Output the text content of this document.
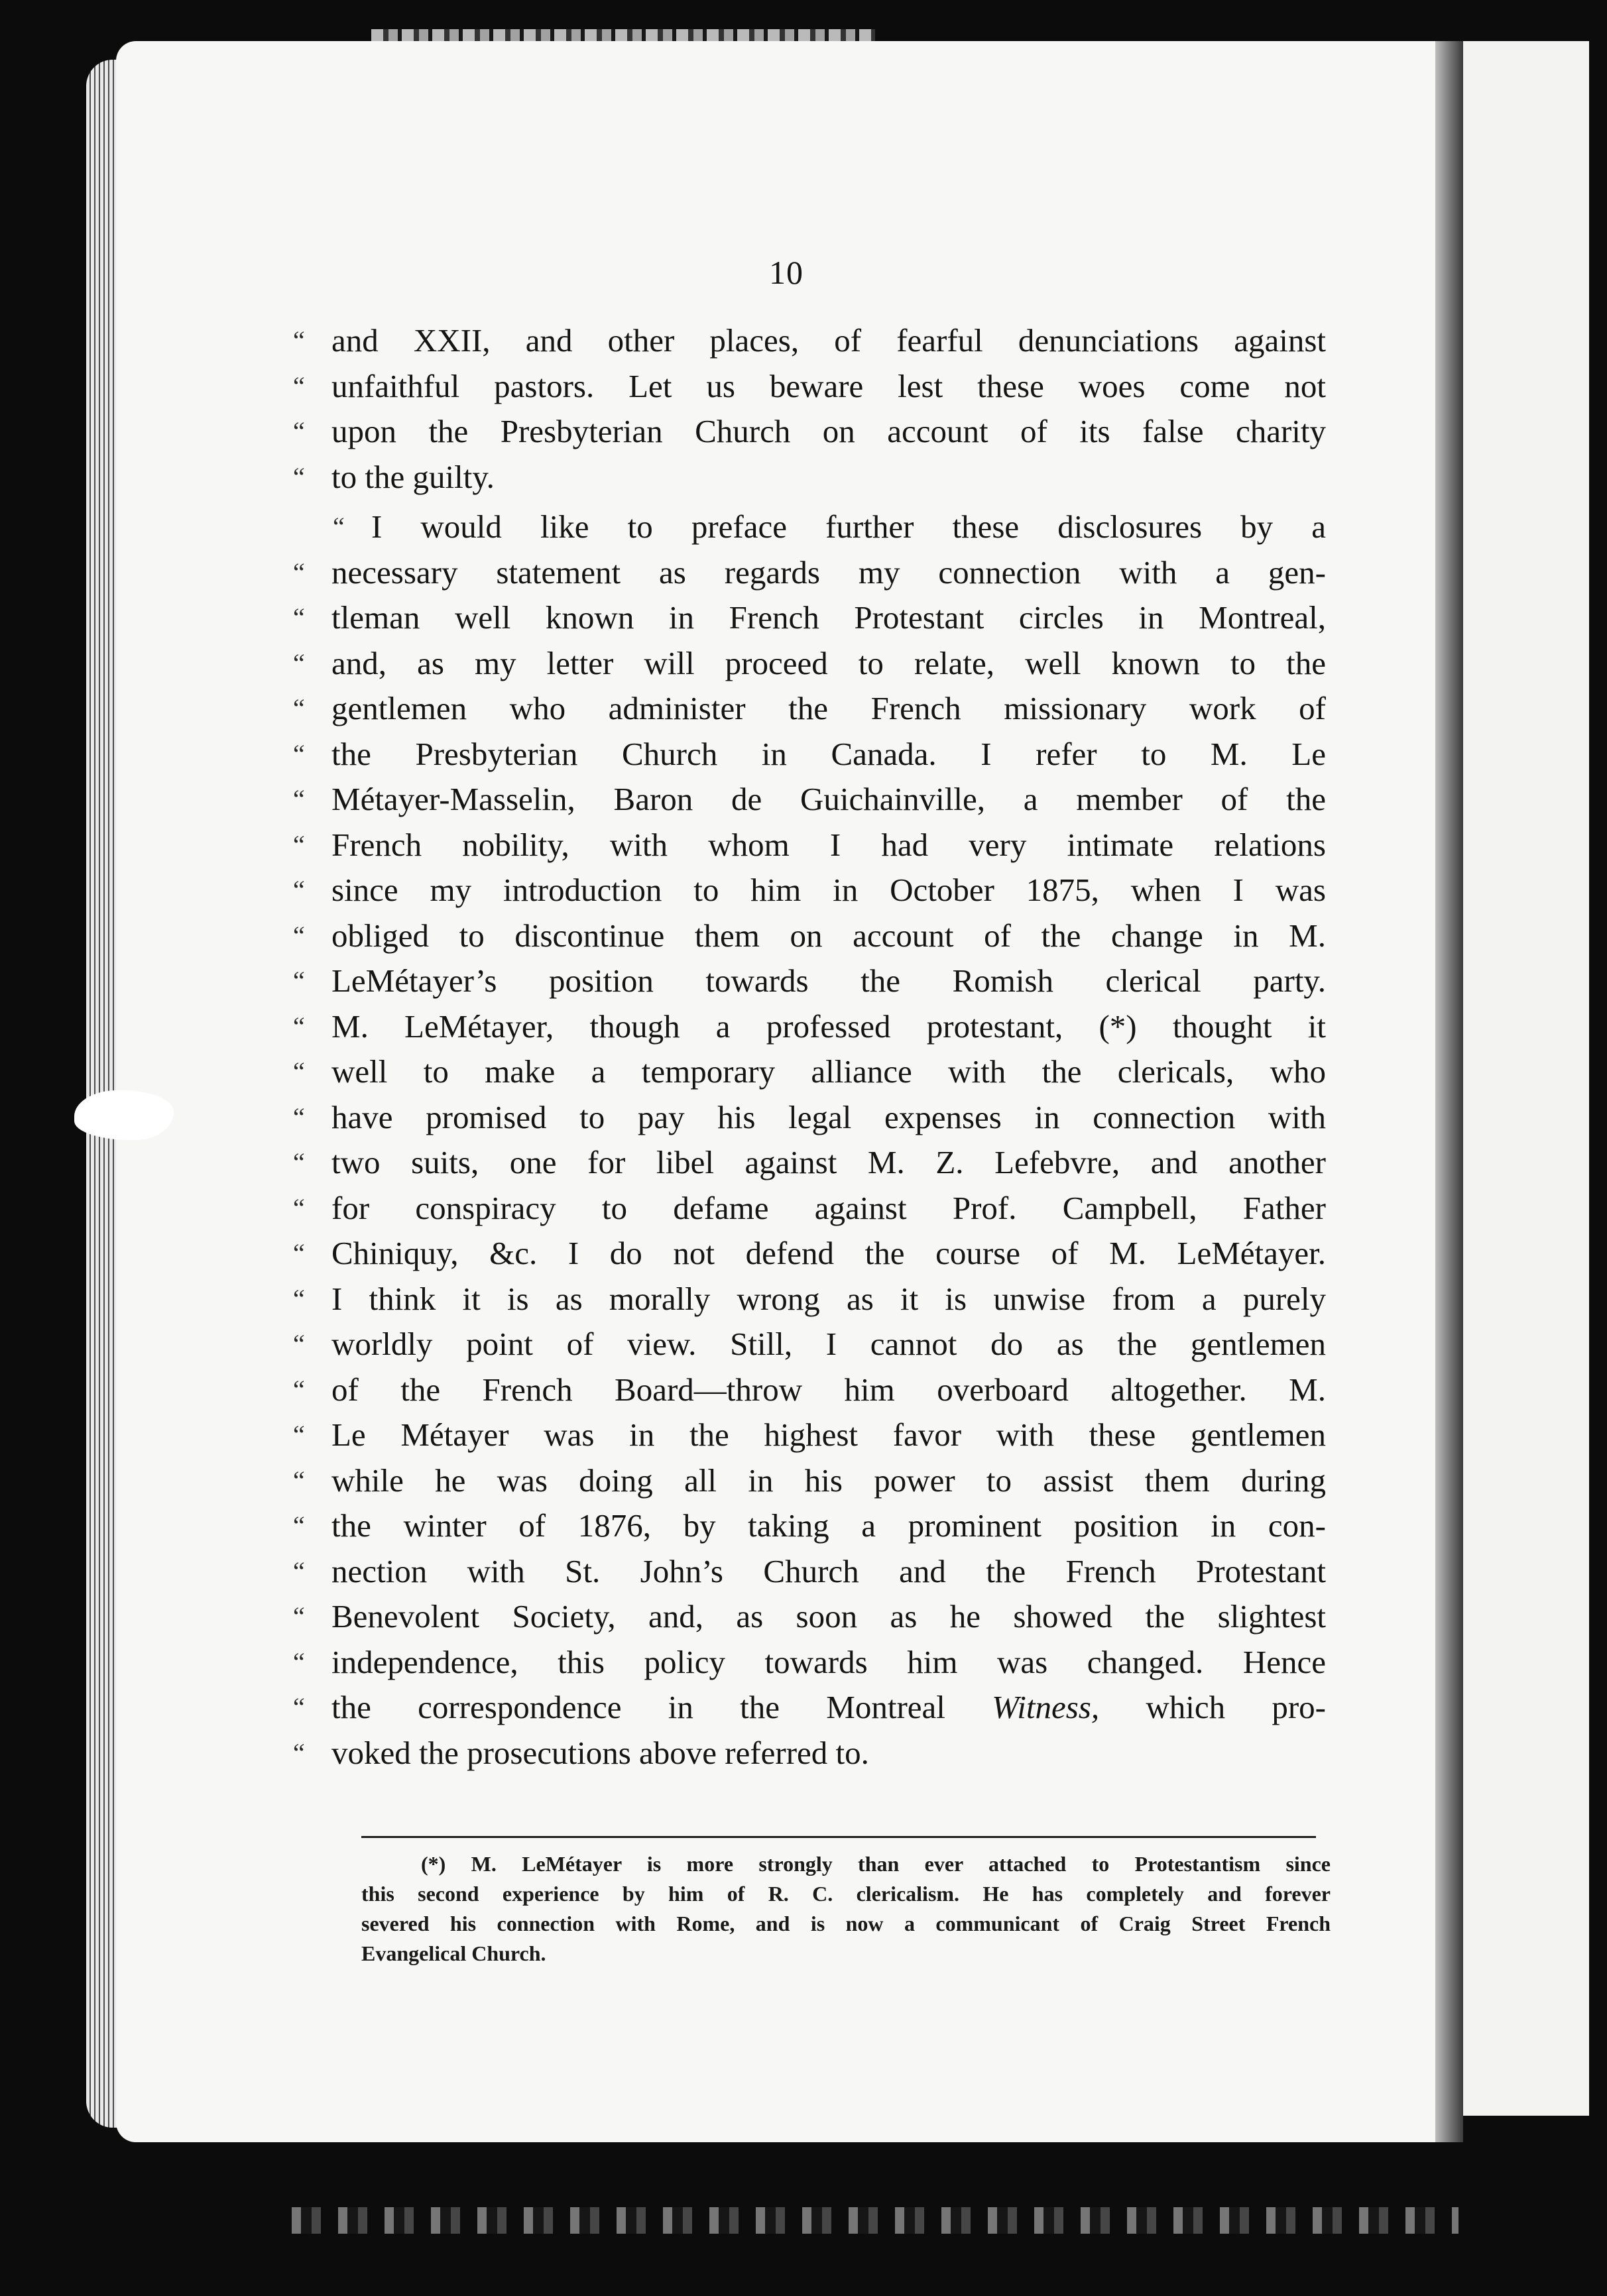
10
“ and XXII, and other places, of fearful denunciations against
“ unfaithful pastors. Let us beware lest these woes come not
“ upon the Presbyterian Church on account of its false charity
“ to the guilty.
“ I would like to preface further these disclosures by a
“ necessary statement as regards my connection with a gen-
“ tleman well known in French Protestant circles in Montreal,
“ and, as my letter will proceed to relate, well known to the
“ gentlemen who administer the French missionary work of
“ the Presbyterian Church in Canada. I refer to M. Le
“ Métayer-Masselin, Baron de Guichainville, a member of the
“ French nobility, with whom I had very intimate relations
“ since my introduction to him in October 1875, when I was
“ obliged to discontinue them on account of the change in M.
“ LeMétayer’s position towards the Romish clerical party.
“ M. LeMétayer, though a professed protestant, (*) thought it
“ well to make a temporary alliance with the clericals, who
“ have promised to pay his legal expenses in connection with
“ two suits, one for libel against M. Z. Lefebvre, and another
“ for conspiracy to defame against Prof. Campbell, Father
“ Chiniquy, &c. I do not defend the course of M. LeMétayer.
“ I think it is as morally wrong as it is unwise from a purely
“ worldly point of view. Still, I cannot do as the gentlemen
“ of the French Board—throw him overboard altogether. M.
“ Le Métayer was in the highest favor with these gentlemen
“ while he was doing all in his power to assist them during
“ the winter of 1876, by taking a prominent position in con-
“ nection with St. John’s Church and the French Protestant
“ Benevolent Society, and, as soon as he showed the slightest
“ independence, this policy towards him was changed. Hence
“ the correspondence in the Montreal Witness, which pro-
“ voked the prosecutions above referred to.
(*) M. LeMétayer is more strongly than ever attached to Protestantism since
this second experience by him of R. C. clericalism. He has completely and forever
severed his connection with Rome, and is now a communicant of Craig Street French
Evangelical Church.
